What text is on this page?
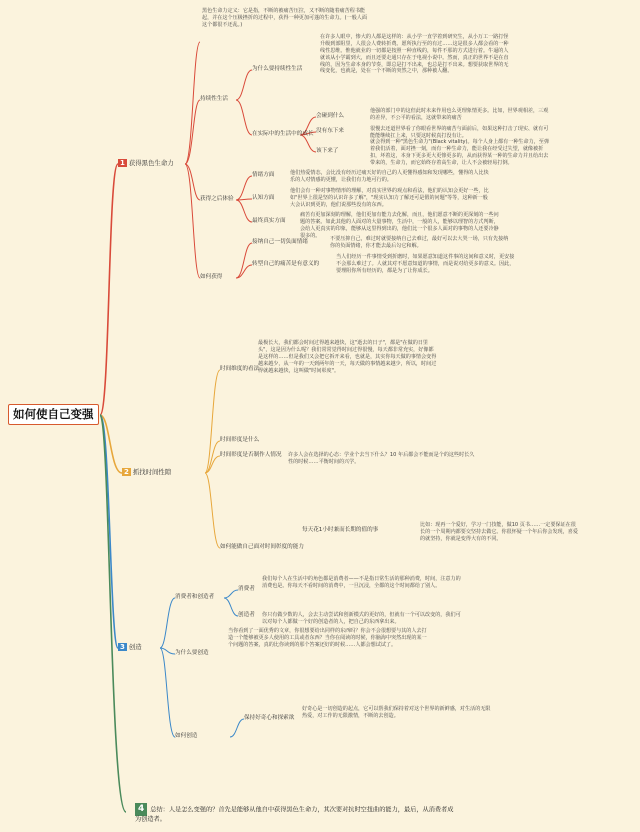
如何使自己变强
1 获得黑色生命力
2 抓找时间性隙
3 创造
黑色生命力定义：它是指，不断的被痛苦压拉，又不断的随着痛苦程书能起，并在这个压极挫折的过程中，获得一种更加可蓬的生命力。(一般人面这个都很不还乱。)
持续性生活
为什么要持续性生活
在许多人眼中，惨大的人都是这样的：从小学一直学着到研究生，从小万工一路打怪升级到部阻里，人很会人费转折费。愿所执行至的有过……这是很多人都会看的一种线性思维。惟他就业的一切都是按照一种直线的，每件不那的方式进行着。牛逼的人就该从小学霸到大，而且还要走通只存在于电视小说中。然而，真正的世界不是在直线的，因为生命本身的节奏，即总是打不出来，也总是打不出来。想要获取世界的无线变化，也就是，处在一个不断的突然之中，那种被人翻。
在实际中的生活中的成长
会碰到什么
他强的部门中的这但此时未来作用也么更理象情更多。比如，世界观相差，三观的差异，不公平的看法，这就带来的痛苦
没有东下来	很慢去还道世界看了你眼看世界的痛苦与面前后，如果这种打击了现实、就有可能能继续扛上来，只要这时候真打没有让。
该下来了
就会得到一种"黑色生命力"(Black vitality)。每个人身上都有一种生命力，至弹着我们活着，面对挫一刻，而有一种生命力，能让我在经受过失望，就像被折扣，坏着这，本身下更多更大更惨更多的，从而获得某一种的生命力并且给出去带来的，生命力，而它始终存着高生命，让人不会被轻易打倒。
获得之后体验
情绪方面	他们热爱情态，会比没有经历过痛天好的自己的人更懂得感知和发现哪些，懂得的人比快乐的人对情感的更懂，让我们有力地可行的。
认知方面
他们会有一种对事物情形的理解，对真实世界的观点和看法，他们的认知会更好一些，比如"世界上很是坚的认识许多了解"，"现实认知力了解还可是假的问题"等等，这种新一般大会认识到更的，他们说那些没有的东西。
最终真实方面
痛苦有更加深刻的理解，他们更加有能力去化解，而且，他们愿意不断的更深刻的一些问题的答案。如此其他的人面对的大量事物，生活中，一般的人，能够以理智的方式判断，会给人更真实的印象，能够从这里得到出的，他们比一个很多人面对的事物的人还要冷静很多的。
如何获得
接纳自己一切负面情绪	不要压抑自己，难过时就要接纳自己去难过，最好可以去大哭一场，只有先接纳你的负面情绪，你才能去最后勾它和解。
转型自己的痛苦是有意义的
当人们经历一件事情受到折磨时，如果愿意知道这件事的这间和意义时，更安接不会那么难过了。人就其对不愿意知道的事情，而是说对给更多的意义。因此，要理阻你所有经历的，都是为了让你成长。
时间维度的看法
最极长大，我们都会时间过得越来越快，这"逝去的日子"，都是"在做的日里头"，这是因为什么呢？我们常常觉得时间过得很慢，每天都非常充实，好像都是这样的……但是我们又会把它拆开来看，也就是，其实你每天做的事情会变得越来越少，从一年的一天到两年的一天，每天做的事情越来越少，所以，时间过得就越来越快，这叫做"时间彰度"。
时间彰度是什么
时间彰度是否制作人情况 许多人会在选择的心态：学业个去当下什么？10 年后都会不能而是个的这些时长久性的时候……平衡时间的兴学。
如何能做自己面对时间彰度的能力
每天花1小时兼而长期的值的事
比如：现再一个爱好，学习一门技能，做10 页书……一定要保证在很长的一个周期内都要交坚持去做它。你很怀疑一个年后你会发现，喜爱的就坚持，你就是变得大有的不同。
消费者和创造者
消费者
我们每个人在生活中的角色都是消费者——不是指日常生活的那种消费，时间，注意力的消费也是。你每天不看时间的消费中，一旦沉浸，全都的这个时间都给了别人。
创造者 你只有做少数的人，会去主动尝试和创新模式的更好的，但就有一个可以改变的，我们可以对每个人都做一个好的创造者的人，把自己的东西拿出来。
为什么要创造
当你看到了一面优秀的文章，你很想要给出同样的东西吗？你会不会很想要与其的人去打造一个能够被更多人使用的工具或者东西？当你在阅读的时候，你脑海中突然出现的某一个问题的答案，真的比你读到的那个答案还好的时候……人都会想试试了。
如何创造
保持好奇心和探索欲
好奇心是一切创造的起点，它可以帮我们保持着对这个世界的新鲜感，对生活的无限热爱，对工作的无限激情，不断的去创造。
4 总结：人是怎么变强的？首先是能够从他自中获得黑色生命力，其次要对抗时空扭曲的能力，最后，从消费者成为创造者。
